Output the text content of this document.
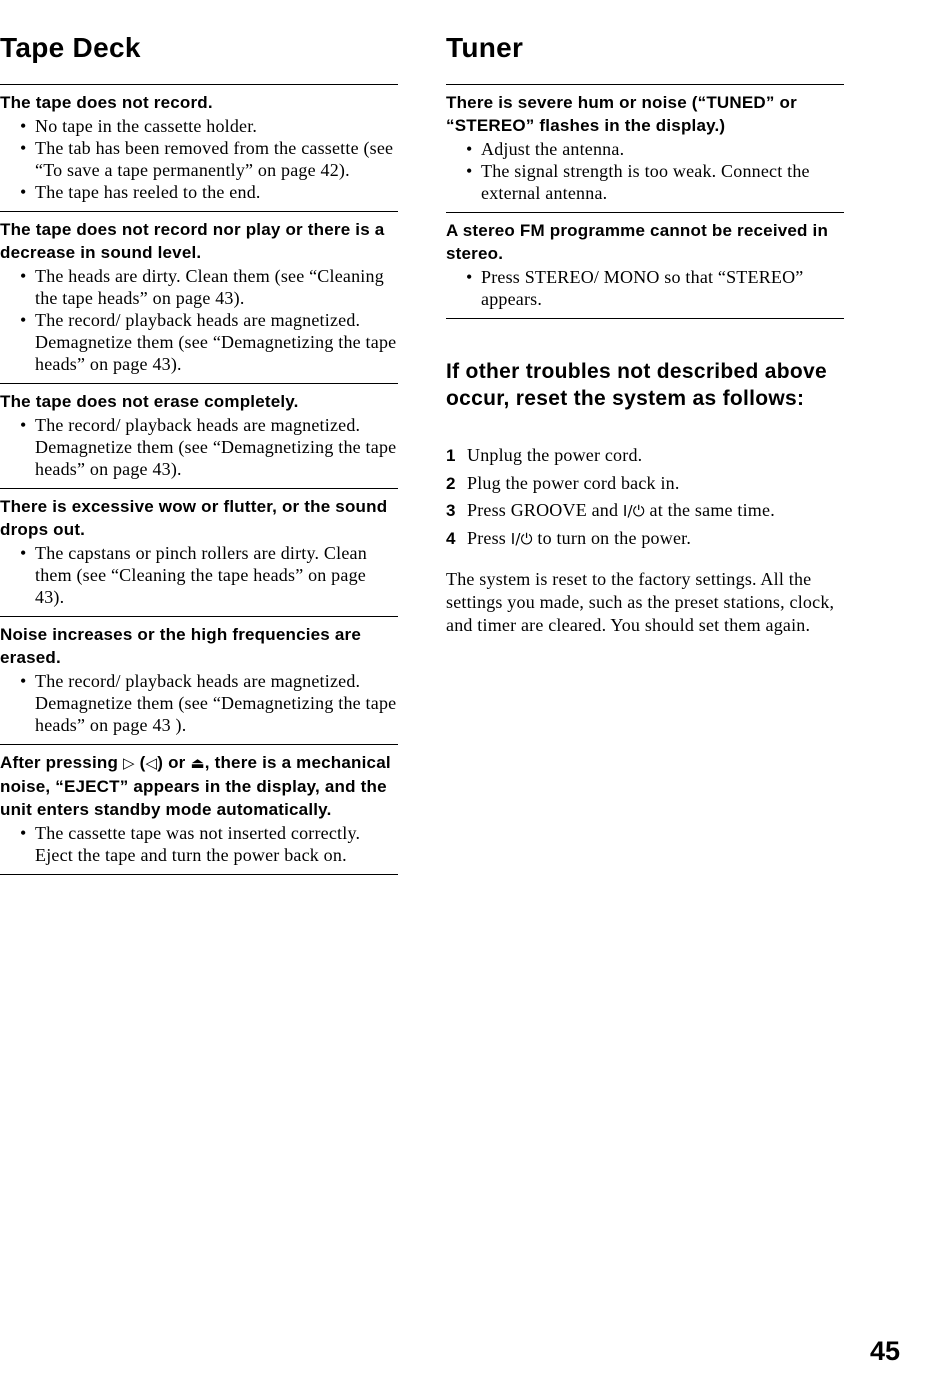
Tape Deck

The tape does not record.

• No tape in the cassette holder.
• The tab has been removed from the cassette (see “To save a tape permanently” on page 42).
• The tape has reeled to the end.

The tape does not record nor play or there is a decrease in sound level.

• The heads are dirty. Clean them (see “Cleaning the tape heads” on page 43).
• The record/ playback heads are magnetized. Demagnetize them (see “Demagnetizing the tape heads” on page 43).

The tape does not erase completely.

• The record/ playback heads are magnetized. Demagnetize them (see “Demagnetizing the tape heads” on page 43).

There is excessive wow or flutter, or the sound drops out.

• The capstans or pinch rollers are dirty. Clean them (see “Cleaning the tape heads” on page 43).

Noise increases or the high frequencies are erased.

• The record/ playback heads are magnetized. Demagnetize them (see “Demagnetizing the tape heads” on page 43 ).

After pressing ▷ (◁) or ⏏, there is a mechanical noise, “EJECT” appears in the display, and the unit enters standby mode automatically.

• The cassette tape was not inserted correctly. Eject the tape and turn the power back on.
Tuner

There is severe hum or noise (“TUNED” or “STEREO” flashes in the display.)

• Adjust the antenna.
• The signal strength is too weak. Connect the external antenna.

A stereo FM programme cannot be received in stereo.

• Press STEREO/ MONO so that “STEREO” appears.
If other troubles not described above occur, reset the system as follows:
1 Unplug the power cord.
2 Plug the power cord back in.
3 Press GROOVE and I/⏻ at the same time.
4 Press I/⏻ to turn on the power.

The system is reset to the factory settings. All the settings you made, such as the preset stations, clock, and timer are cleared. You should set them again.

45
